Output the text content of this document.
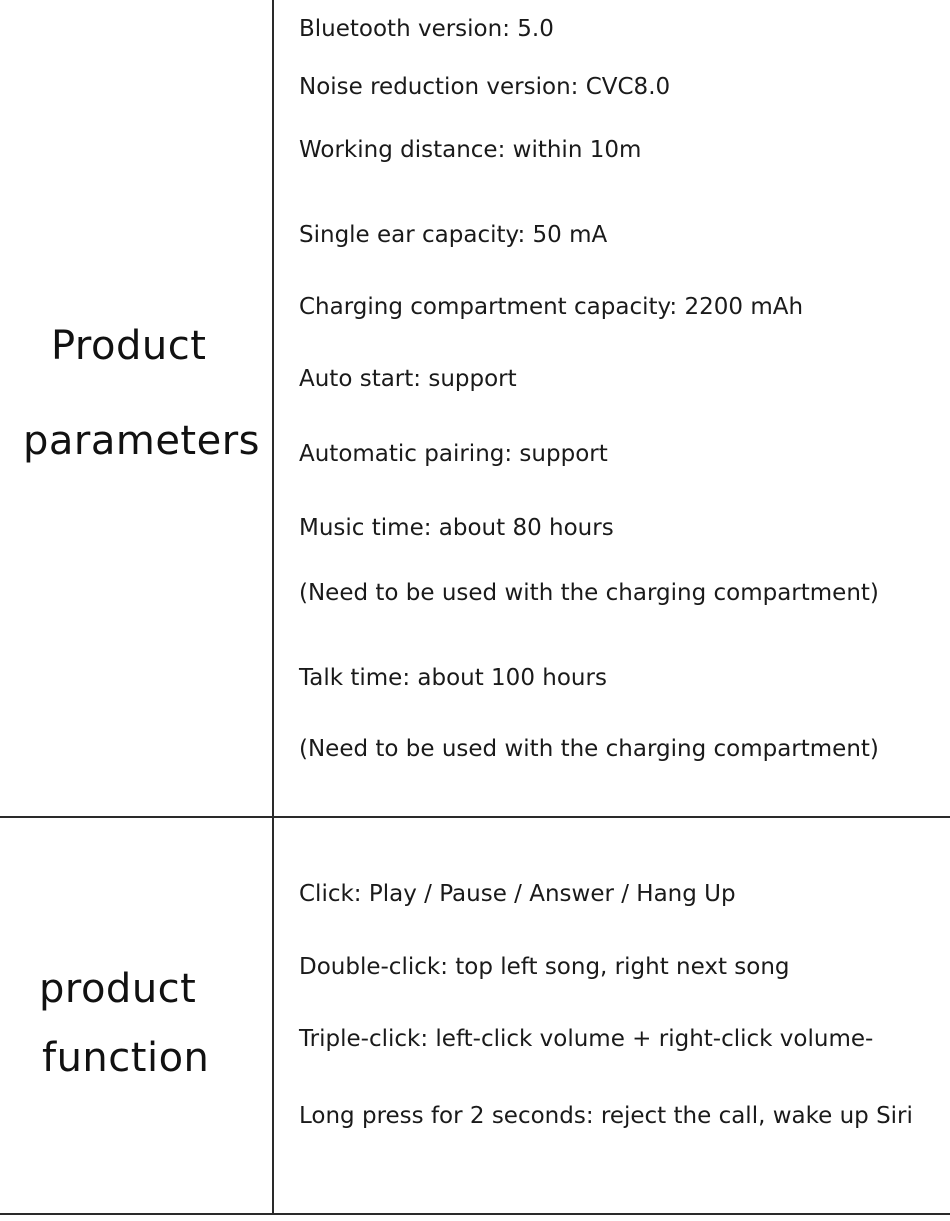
Product
parameters
Bluetooth version: 5.0
Noise reduction version: CVC8.0
Working distance: within 10m
Single ear capacity: 50 mA
Charging compartment capacity: 2200 mAh
Auto start: support
Automatic pairing: support
Music time: about 80 hours
(Need to be used with the charging compartment)
Talk time: about 100 hours
(Need to be used with the charging compartment)
product
function
Click: Play / Pause / Answer / Hang Up
Double-click: top left song, right next song
Triple-click: left-click volume + right-click volume-
Long press for 2 seconds: reject the call, wake up Siri
